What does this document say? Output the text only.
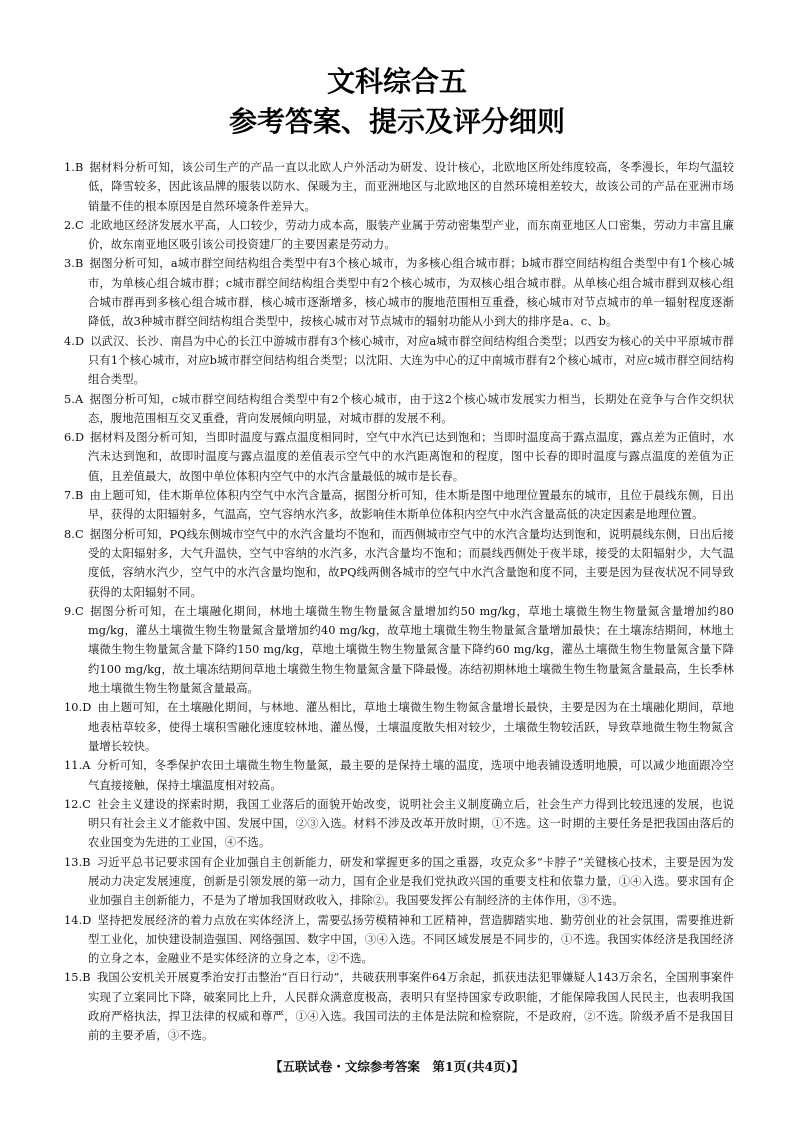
文科综合五
参考答案、提示及评分细则
1.B 据材料分析可知，该公司生产的产品一直以北欧人户外活动为研发、设计核心，北欧地区所处纬度较高，冬季漫长，年均气温较低，降雪较多，因此该品牌的服装以防水、保暖为主，而亚洲地区与北欧地区的自然环境相差较大，故该公司的产品在亚洲市场销量不佳的根本原因是自然环境条件差异大。
2.C 北欧地区经济发展水平高，人口较少，劳动力成本高，服装产业属于劳动密集型产业，而东南亚地区人口密集，劳动力丰富且廉价，故东南亚地区吸引该公司投资建厂的主要因素是劳动力。
3.B 据图分析可知，a城市群空间结构组合类型中有3个核心城市，为多核心组合城市群；b城市群空间结构组合类型中有1个核心城市，为单核心组合城市群；c城市群空间结构组合类型中有2个核心城市，为双核心组合城市群。从单核心组合城市群到双核心组合城市群再到多核心组合城市群，核心城市逐渐增多，核心城市的腹地范围相互重叠，核心城市对节点城市的单一辐射程度逐渐降低，故3种城市群空间结构组合类型中，按核心城市对节点城市的辐射功能从小到大的排序是a、c、b。
4.D 以武汉、长沙、南昌为中心的长江中游城市群有3个核心城市，对应a城市群空间结构组合类型；以西安为核心的关中平原城市群只有1个核心城市，对应b城市群空间结构组合类型；以沈阳、大连为中心的辽中南城市群有2个核心城市，对应c城市群空间结构组合类型。
5.A 据图分析可知，c城市群空间结构组合类型中有2个核心城市，由于这2个核心城市发展实力相当，长期处在竞争与合作交织状态，腹地范围相互交叉重叠，背向发展倾向明显，对城市群的发展不利。
6.D 据材料及图分析可知，当即时温度与露点温度相同时，空气中水汽已达到饱和；当即时温度高于露点温度，露点差为正值时，水汽未达到饱和，故即时温度与露点温度的差值表示空气中的水汽距离饱和的程度，图中长春的即时温度与露点温度的差值为正值，且差值最大，故图中单位体积内空气中的水汽含量最低的城市是长春。
7.B 由上题可知，佳木斯单位体积内空气中水汽含量高，据图分析可知，佳木斯是图中地理位置最东的城市，且位于晨线东侧，日出早，获得的太阳辐射多，气温高，空气容纳水汽多，故影响佳木斯单位体积内空气中水汽含量高低的决定因素是地理位置。
8.C 据图分析可知，PQ线东侧城市空气中的水汽含量均不饱和，而西侧城市空气中的水汽含量均达到饱和，说明晨线东侧，日出后接受的太阳辐射多，大气升温快，空气中容纳的水汽多，水汽含量均不饱和；而晨线西侧处于夜半球，接受的太阳辐射少，大气温度低，容纳水汽少，空气中的水汽含量均饱和，故PQ线两侧各城市的空气中水汽含量饱和度不同，主要是因为昼夜状况不同导致获得的太阳辐射不同。
9.C 据图分析可知，在土壤融化期间，林地土壤微生物生物量氮含量增加约50 mg/kg，草地土壤微生物生物量氮含量增加约80 mg/kg，灌丛土壤微生物生物量氮含量增加约40 mg/kg，故草地土壤微生物生物量氮含量增加最快；在土壤冻结期间，林地土壤微生物生物量氮含量下降约150 mg/kg，草地土壤微生物生物量氮含量下降约60 mg/kg，灌丛土壤微生物生物量氮含量下降约100 mg/kg，故土壤冻结期间草地土壤微生物生物量氮含量下降最慢。冻结初期林地土壤微生物生物量氮含量最高，生长季林地土壤微生物生物量氮含量最高。
10.D 由上题可知，在土壤融化期间，与林地、灌丛相比，草地土壤微生物生物氮含量增长最快，主要是因为在土壤融化期间，草地地表枯草较多，使得土壤积雪融化速度较林地、灌丛慢，土壤温度散失相对较少，土壤微生物较活跃，导致草地微生物生物氮含量增长较快。
11.A 分析可知，冬季保护农田土壤微生物生物量氮，最主要的是保持土壤的温度，选项中地表铺设透明地膜，可以减少地面跟冷空气直接接触，保持土壤温度相对较高。
12.C 社会主义建设的探索时期，我国工业落后的面貌开始改变，说明社会主义制度确立后，社会生产力得到比较迅速的发展，也说明只有社会主义才能救中国、发展中国，②③入选。材料不涉及改革开放时期，①不选。这一时期的主要任务是把我国由落后的农业国变为先进的工业国，④不选。
13.B 习近平总书记要求国有企业加强自主创新能力，研发和掌握更多的国之重器，攻克众多“卡脖子”关键核心技术，主要是因为发展动力决定发展速度，创新是引领发展的第一动力，国有企业是我们党执政兴国的重要支柱和依靠力量，①④入选。要求国有企业加强自主创新能力，不是为了增加我国财政收入，排除②。我国要发挥公有制经济的主体作用，③不选。
14.D 坚持把发展经济的着力点放在实体经济上，需要弘扬劳模精神和工匠精神，营造脚踏实地、勤劳创业的社会氛围，需要推进新型工业化，加快建设制造强国、网络强国、数字中国，③④入选。不同区域发展是不同步的，①不选。我国实体经济是我国经济的立身之本，金融业不是实体经济的立身之本，②不选。
15.B 我国公安机关开展夏季治安打击整治“百日行动”，共破获刑事案件64万余起，抓获违法犯罪嫌疑人143万余名，全国刑事案件实现了立案同比下降，破案同比上升，人民群众满意度极高，表明只有坚持国家专政职能，才能保障我国人民民主，也表明我国政府严格执法，捍卫法律的权威和尊严，①④入选。我国司法的主体是法院和检察院，不是政府，②不选。阶级矛盾不是我国目前的主要矛盾，③不选。
【五联试卷・文综参考答案　第1页(共4页)】
